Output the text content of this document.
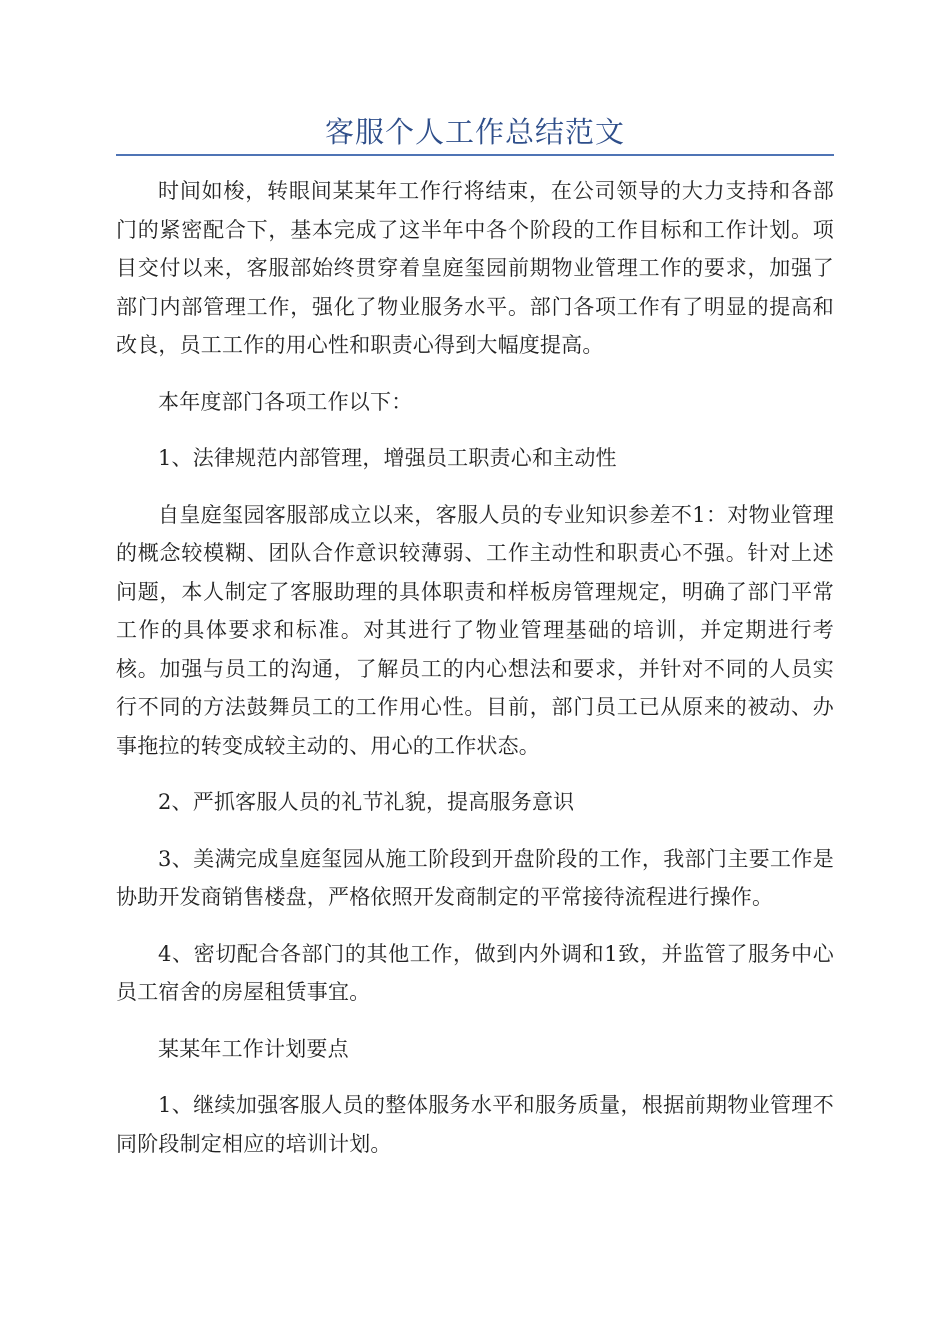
客服个人工作总结范文

时间如梭，转眼间某某年工作行将结束，在公司领导的大力支持和各部门的紧密配合下，基本完成了这半年中各个阶段的工作目标和工作计划。项目交付以来，客服部始终贯穿着皇庭玺园前期物业管理工作的要求，加强了部门内部管理工作，强化了物业服务水平。部门各项工作有了明显的提高和改良，员工工作的用心性和职责心得到大幅度提高。

本年度部门各项工作以下：

1、法律规范内部管理，增强员工职责心和主动性

自皇庭玺园客服部成立以来，客服人员的专业知识参差不1：对物业管理的概念较模糊、团队合作意识较薄弱、工作主动性和职责心不强。针对上述问题，本人制定了客服助理的具体职责和样板房管理规定，明确了部门平常工作的具体要求和标准。对其进行了物业管理基础的培训，并定期进行考核。加强与员工的沟通，了解员工的内心想法和要求，并针对不同的人员实行不同的方法鼓舞员工的工作用心性。目前，部门员工已从原来的被动、办事拖拉的转变成较主动的、用心的工作状态。

2、严抓客服人员的礼节礼貌，提高服务意识

3、美满完成皇庭玺园从施工阶段到开盘阶段的工作，我部门主要工作是协助开发商销售楼盘，严格依照开发商制定的平常接待流程进行操作。

4、密切配合各部门的其他工作，做到内外调和1致，并监管了服务中心员工宿舍的房屋租赁事宜。

某某年工作计划要点

1、继续加强客服人员的整体服务水平和服务质量，根据前期物业管理不同阶段制定相应的培训计划。
